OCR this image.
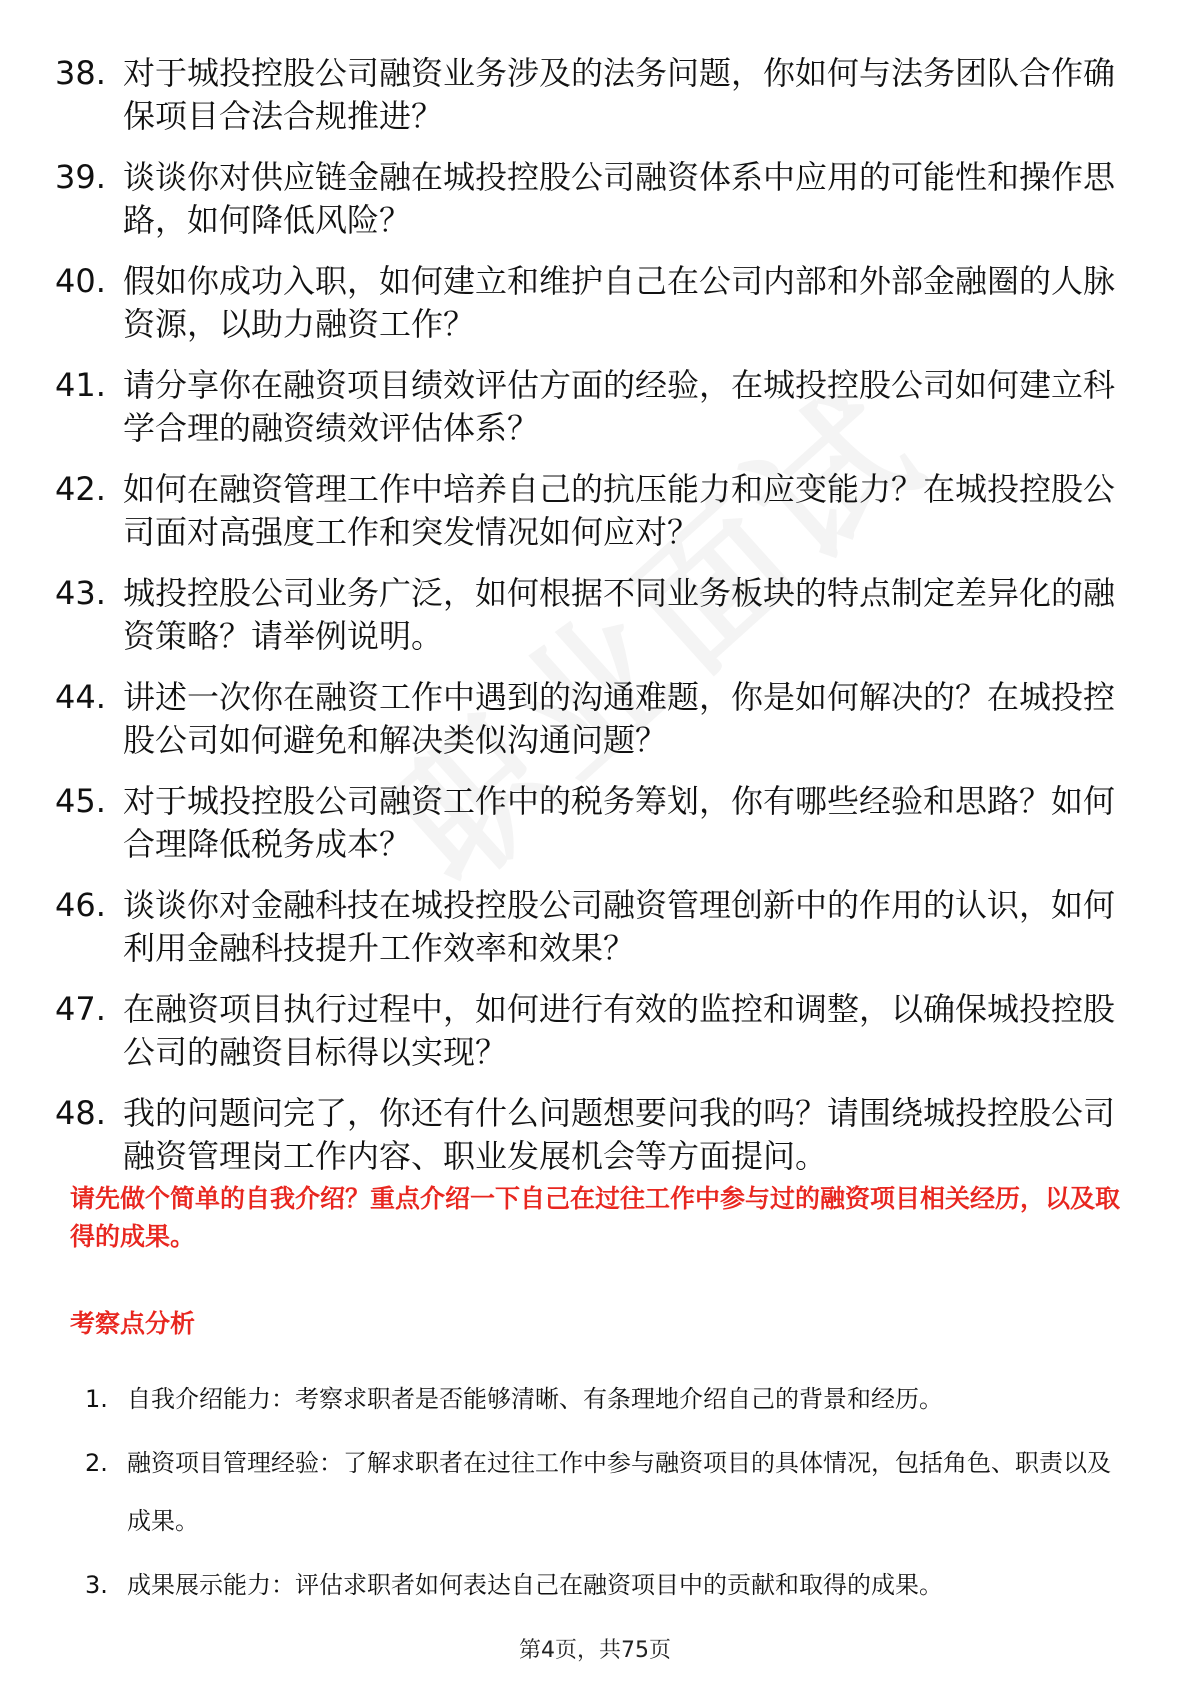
38. 对于城投控股公司融资业务涉及的法务问题，你如何与法务团队合作确保项目合法合规推进？
39. 谈谈你对供应链金融在城投控股公司融资体系中应用的可能性和操作思路，如何降低风险？
40. 假如你成功入职，如何建立和维护自己在公司内部和外部金融圈的人脉资源，以助力融资工作？
41. 请分享你在融资项目绩效评估方面的经验，在城投控股公司如何建立科学合理的融资绩效评估体系？
42. 如何在融资管理工作中培养自己的抗压能力和应变能力？在城投控股公司面对高强度工作和突发情况如何应对？
43. 城投控股公司业务广泛，如何根据不同业务板块的特点制定差异化的融资策略？请举例说明。
44. 讲述一次你在融资工作中遇到的沟通难题，你是如何解决的？在城投控股公司如何避免和解决类似沟通问题？
45. 对于城投控股公司融资工作中的税务筹划，你有哪些经验和思路？如何合理降低税务成本？
46. 谈谈你对金融科技在城投控股公司融资管理创新中的作用的认识，如何利用金融科技提升工作效率和效果？
47. 在融资项目执行过程中，如何进行有效的监控和调整，以确保城投控股公司的融资目标得以实现？
48. 我的问题问完了，你还有什么问题想要问我的吗？请围绕城投控股公司融资管理岗工作内容、职业发展机会等方面提问。
请先做个简单的自我介绍？重点介绍一下自己在过往工作中参与过的融资项目相关经历，以及取得的成果。
考察点分析
1. 自我介绍能力：考察求职者是否能够清晰、有条理地介绍自己的背景和经历。
2. 融资项目管理经验：了解求职者在过往工作中参与融资项目的具体情况，包括角色、职责以及成果。
3. 成果展示能力：评估求职者如何表达自己在融资项目中的贡献和取得的成果。
第4页，共75页
